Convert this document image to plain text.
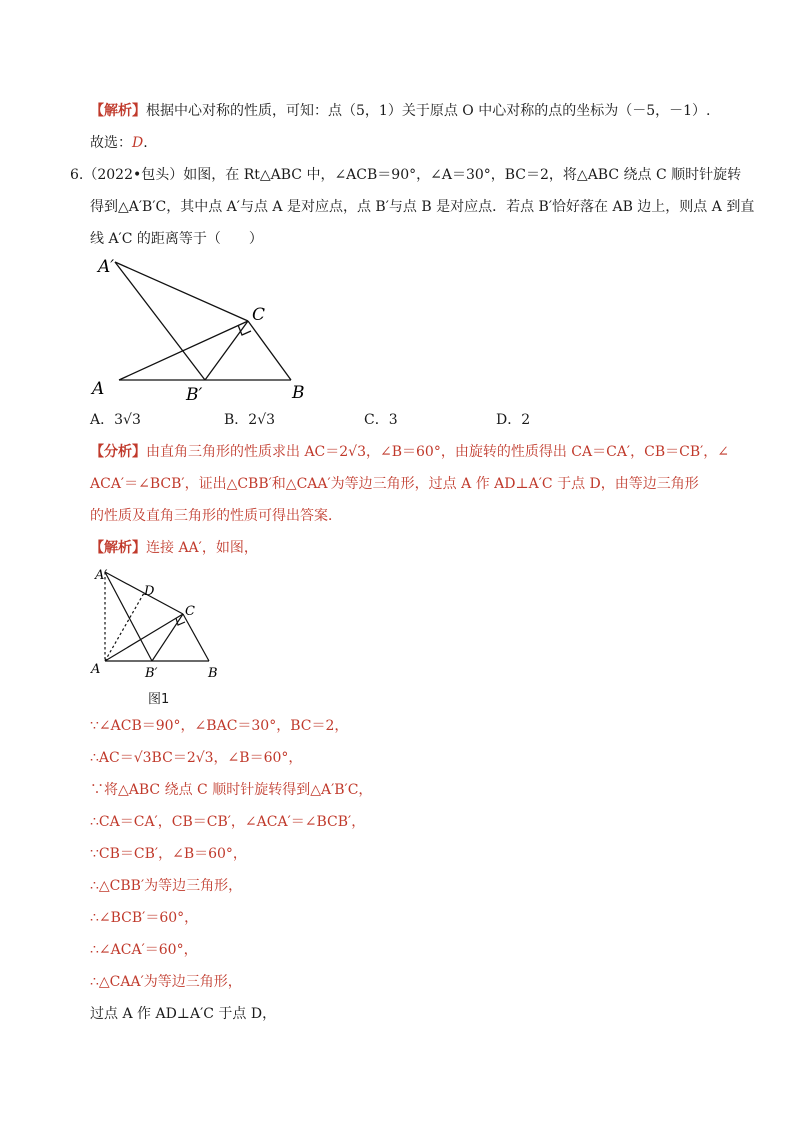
【解析】根据中心对称的性质，可知：点（5，1）关于原点 O 中心对称的点的坐标为（－5，－1）.
故选：D.
6.（2022•包头）如图，在 Rt△ABC 中，∠ACB＝90°，∠A＝30°，BC＝2，将△ABC 绕点 C 顺时针旋转
得到△A′B′C，其中点 A′与点 A 是对应点，点 B′与点 B 是对应点．若点 B′恰好落在 AB 边上，则点 A 到直
线 A′C 的距离等于（　　）
A′
C
A	B′	B
A．3√3	B．2√3	C．3	D．2
【分析】由直角三角形的性质求出 AC＝2√3，∠B＝60°，由旋转的性质得出 CA＝CA′，CB＝CB′，∠
ACA′＝∠BCB′，证出△CBB′和△CAA′为等边三角形，过点 A 作 AD⊥A′C 于点 D，由等边三角形
的性质及直角三角形的性质可得出答案．
【解析】连接 AA′，如图，
A′
D
C
A	B′	B
图1
∵∠ACB＝90°，∠BAC＝30°，BC＝2，
∴AC＝√3BC＝2√3，∠B＝60°，
∵将△ABC 绕点 C 顺时针旋转得到△A′B′C，
∴CA＝CA′，CB＝CB′，∠ACA′＝∠BCB′，
∵CB＝CB′，∠B＝60°，
∴△CBB′为等边三角形，
∴∠BCB′＝60°，
∴∠ACA′＝60°，
∴△CAA′为等边三角形，
过点 A 作 AD⊥A′C 于点 D，
